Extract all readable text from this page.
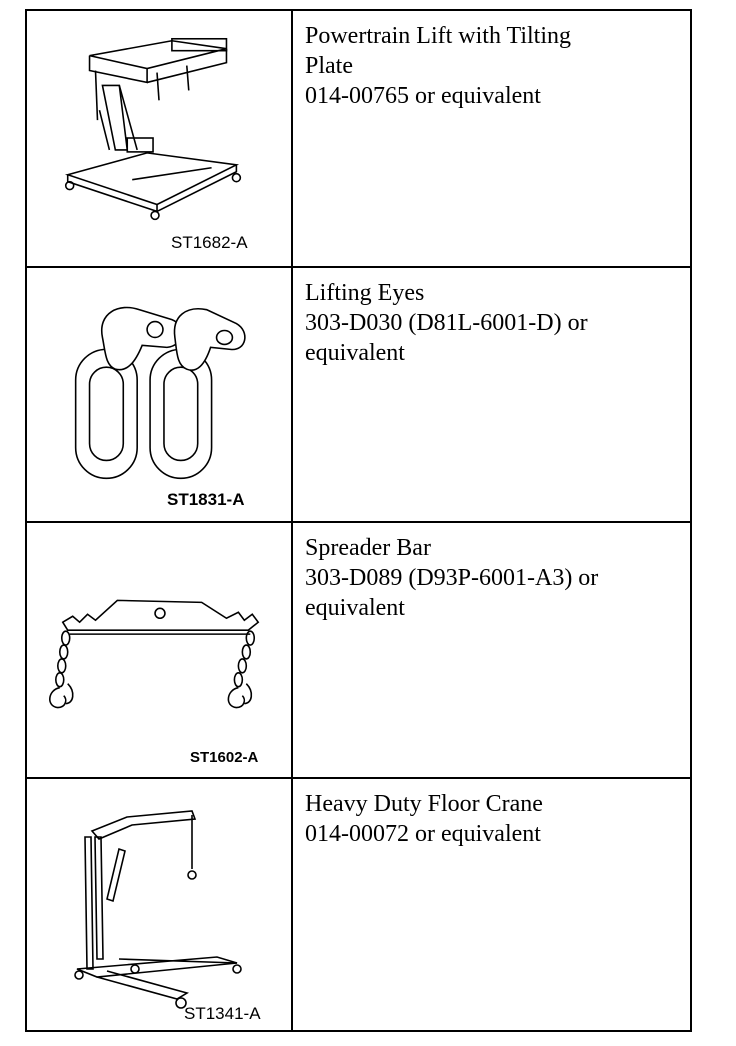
ST1682-A
Powertrain Lift with Tilting
Plate
014-00765 or equivalent
ST1831-A
Lifting Eyes
303-D030 (D81L-6001-D) or
equivalent
ST1602-A
Spreader Bar
303-D089 (D93P-6001-A3) or
equivalent
ST1341-A
Heavy Duty Floor Crane
014-00072 or equivalent
